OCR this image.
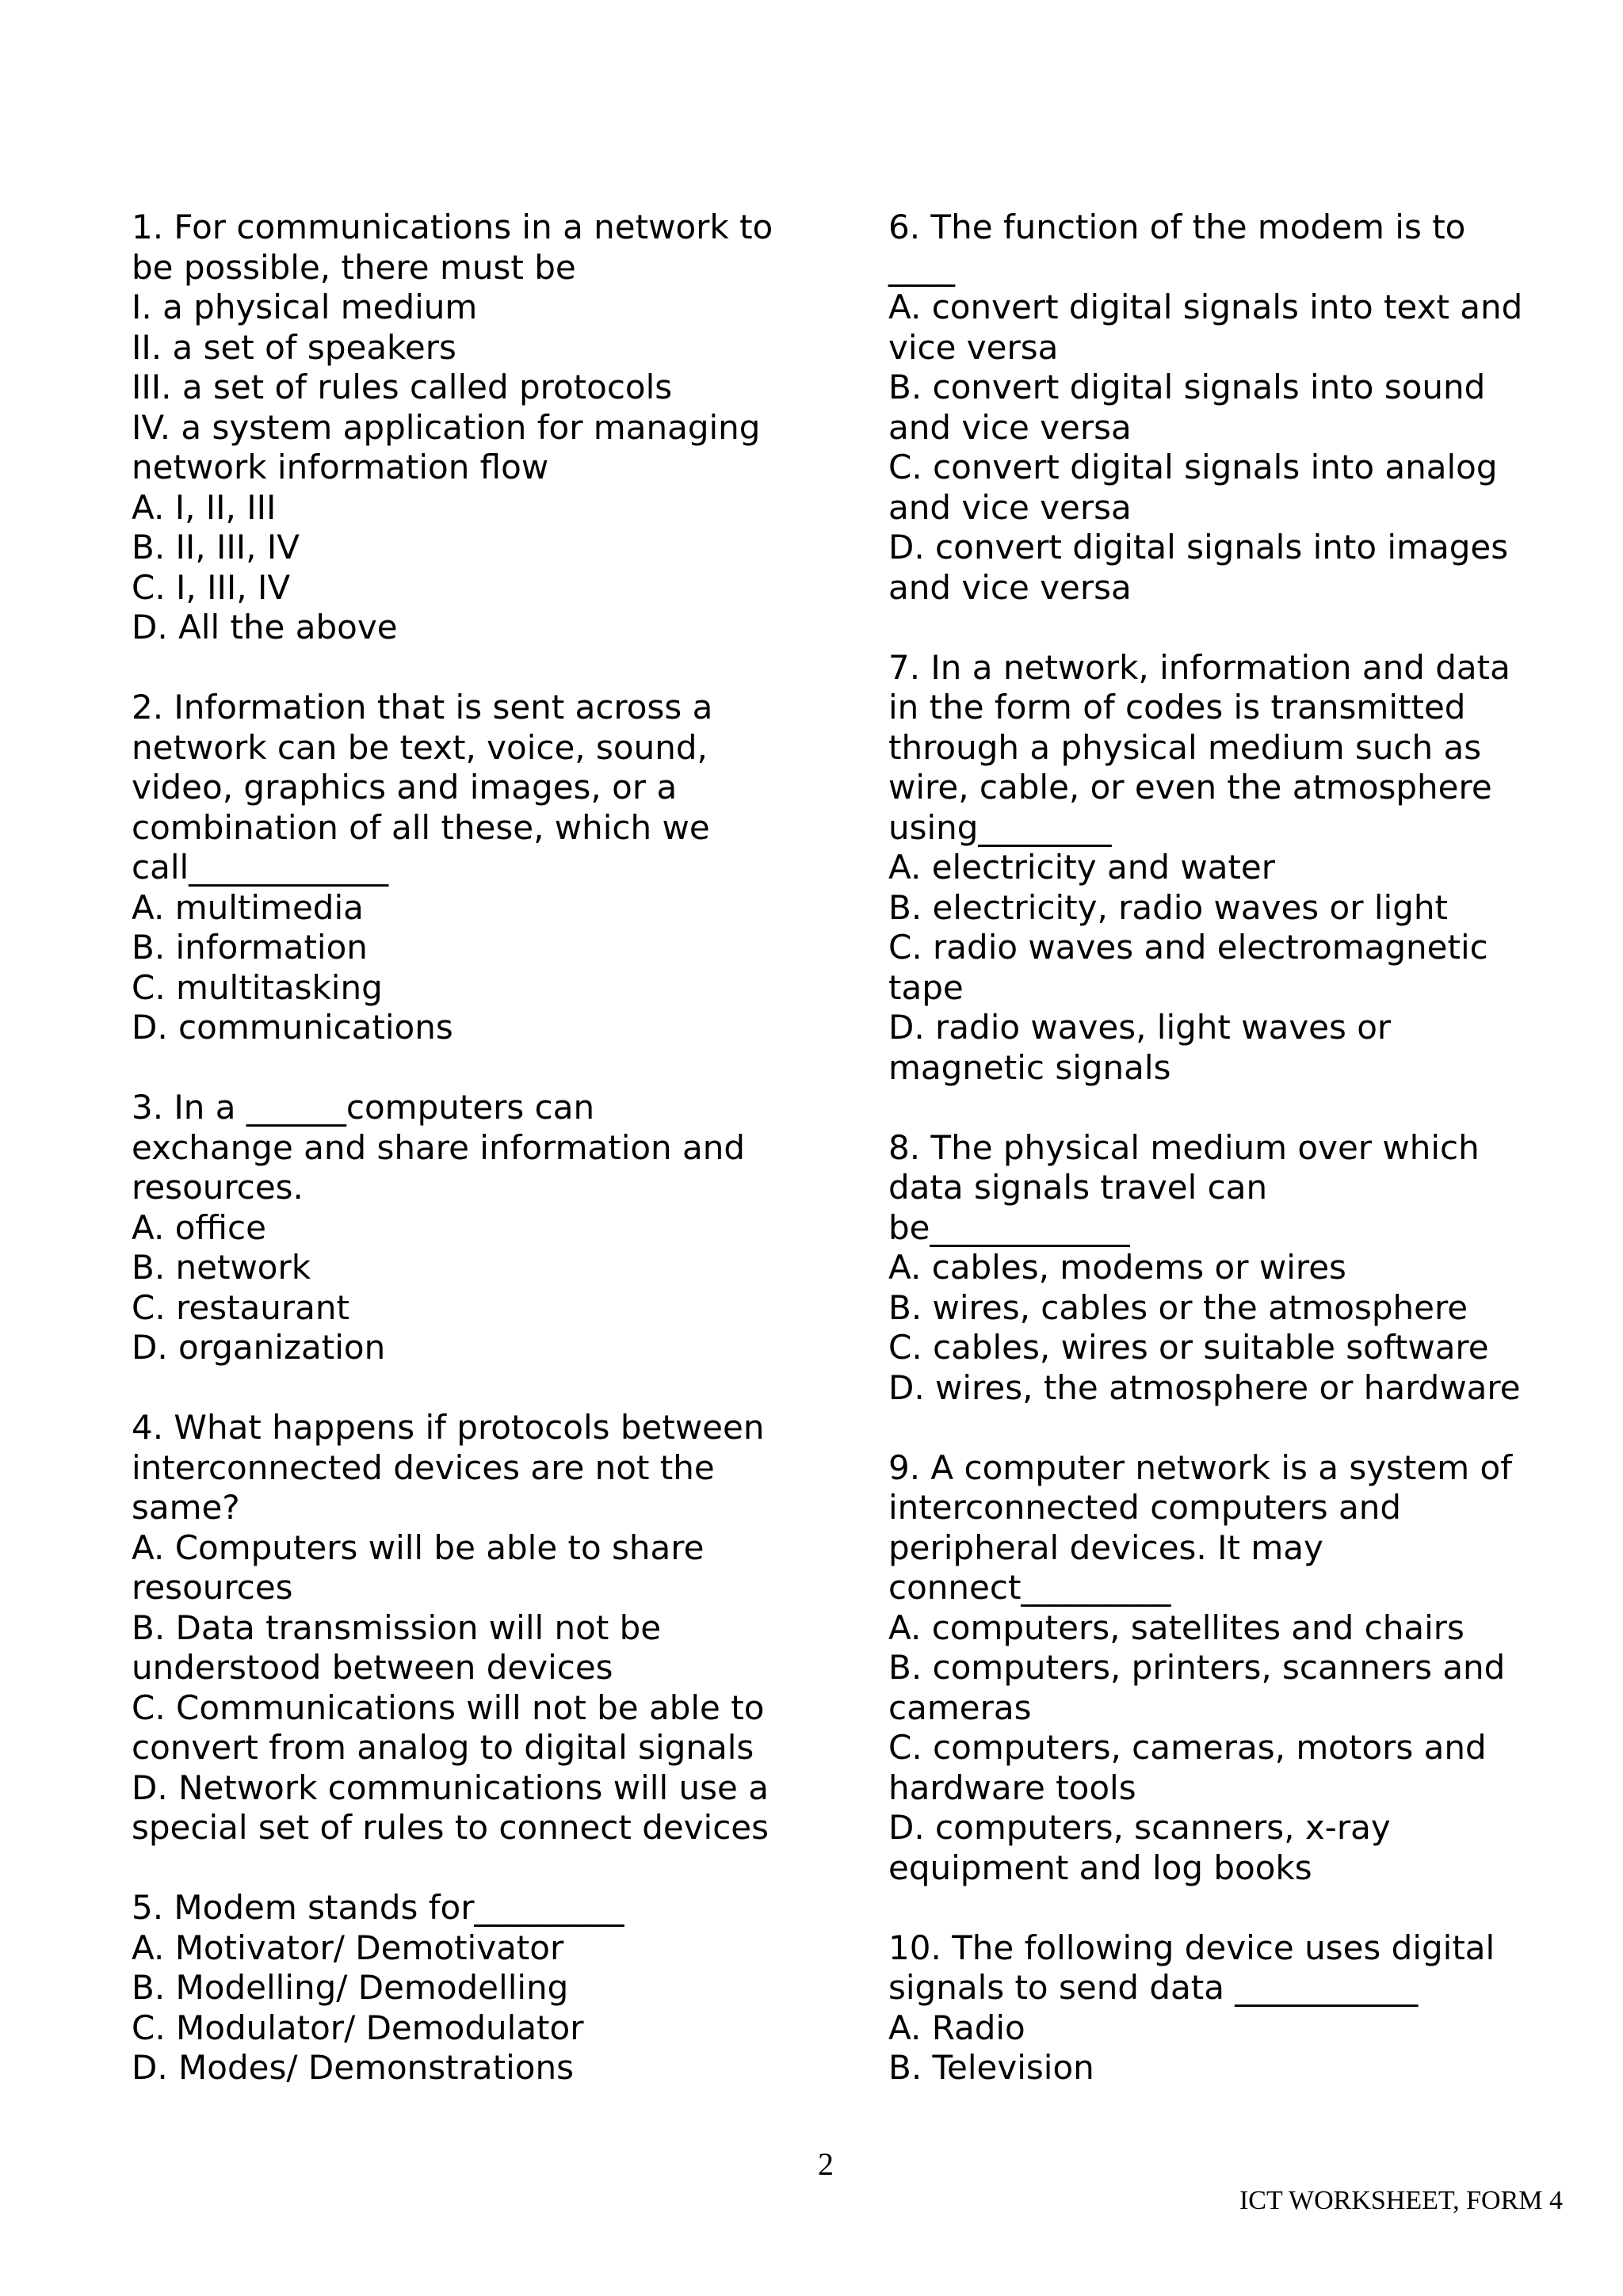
1. For communications in a network to
be possible, there must be
I. a physical medium
II. a set of speakers
III. a set of rules called protocols
IV. a system application for managing
network information flow
A. I, II, III
B. II, III, IV
C. I, III, IV
D. All the above
2. Information that is sent across a
network can be text, voice, sound,
video, graphics and images, or a
combination of all these, which we
call____________
A. multimedia
B. information
C. multitasking
D. communications
3. In a ______computers can
exchange and share information and
resources.
A. office
B. network
C. restaurant
D. organization
4. What happens if protocols between
interconnected devices are not the
same?
A. Computers will be able to share
resources
B. Data transmission will not be
understood between devices
C. Communications will not be able to
convert from analog to digital signals
D. Network communications will use a
special set of rules to connect devices
5. Modem stands for_________
A. Motivator/ Demotivator
B. Modelling/ Demodelling
C. Modulator/ Demodulator
D. Modes/ Demonstrations
6. The function of the modem is to
____
A. convert digital signals into text and
vice versa
B. convert digital signals into sound
and vice versa
C. convert digital signals into analog
and vice versa
D. convert digital signals into images
and vice versa
7. In a network, information and data
in the form of codes is transmitted
through a physical medium such as
wire, cable, or even the atmosphere
using________
A. electricity and water
B. electricity, radio waves or light
C. radio waves and electromagnetic
tape
D. radio waves, light waves or
magnetic signals
8. The physical medium over which
data signals travel can
be____________
A. cables, modems or wires
B. wires, cables or the atmosphere
C. cables, wires or suitable software
D. wires, the atmosphere or hardware
9. A computer network is a system of
interconnected computers and
peripheral devices. It may
connect_________
A. computers, satellites and chairs
B. computers, printers, scanners and
cameras
C. computers, cameras, motors and
hardware tools
D. computers, scanners, x-ray
equipment and log books
10. The following device uses digital
signals to send data ___________
A. Radio
B. Television
2
ICT WORKSHEET, FORM 4
